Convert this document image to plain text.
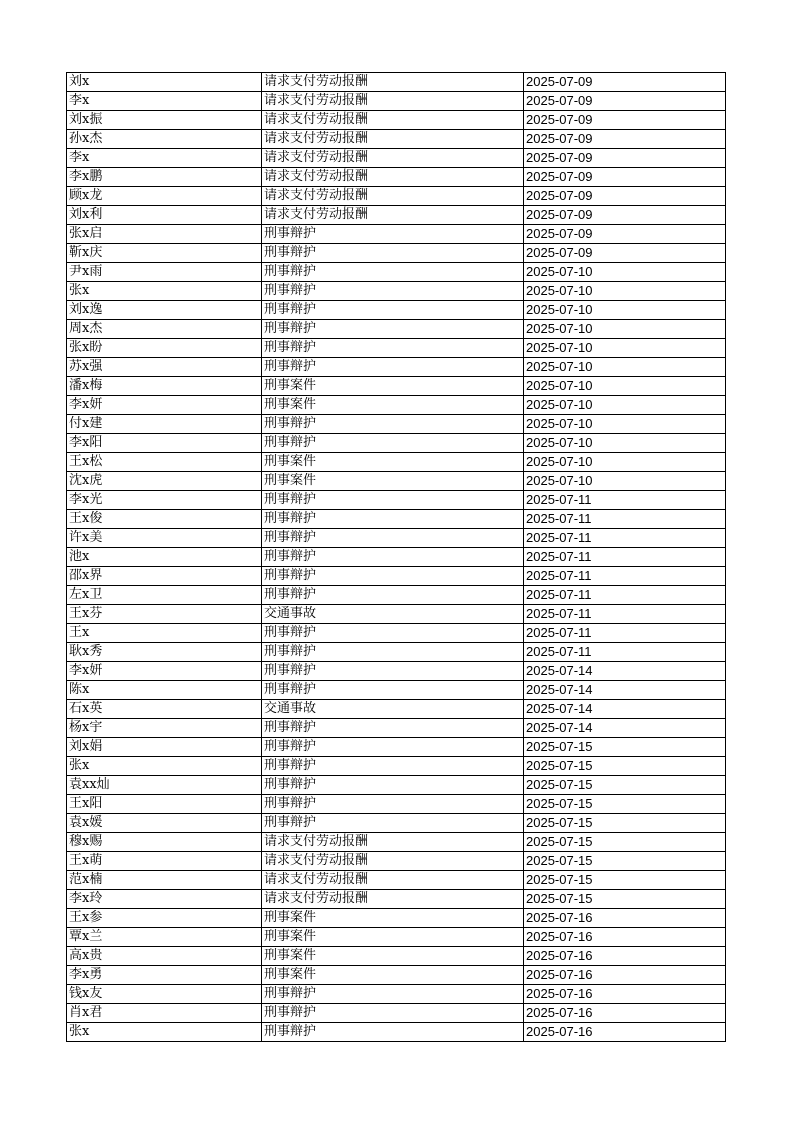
刘x	请求支付劳动报酬	2025-07-09
李x	请求支付劳动报酬	2025-07-09
刘x振	请求支付劳动报酬	2025-07-09
孙x杰	请求支付劳动报酬	2025-07-09
李x	请求支付劳动报酬	2025-07-09
李x鹏	请求支付劳动报酬	2025-07-09
顾x龙	请求支付劳动报酬	2025-07-09
刘x利	请求支付劳动报酬	2025-07-09
张x启	刑事辩护	2025-07-09
靳x庆	刑事辩护	2025-07-09
尹x雨	刑事辩护	2025-07-10
张x	刑事辩护	2025-07-10
刘x逸	刑事辩护	2025-07-10
周x杰	刑事辩护	2025-07-10
张x盼	刑事辩护	2025-07-10
苏x强	刑事辩护	2025-07-10
潘x梅	刑事案件	2025-07-10
李x妍	刑事案件	2025-07-10
付x建	刑事辩护	2025-07-10
李x阳	刑事辩护	2025-07-10
王x松	刑事案件	2025-07-10
沈x虎	刑事案件	2025-07-10
李x光	刑事辩护	2025-07-11
王x俊	刑事辩护	2025-07-11
许x美	刑事辩护	2025-07-11
池x	刑事辩护	2025-07-11
邵x界	刑事辩护	2025-07-11
左x卫	刑事辩护	2025-07-11
王x芬	交通事故	2025-07-11
王x	刑事辩护	2025-07-11
耿x秀	刑事辩护	2025-07-11
李x妍	刑事辩护	2025-07-14
陈x	刑事辩护	2025-07-14
石x英	交通事故	2025-07-14
杨x宇	刑事辩护	2025-07-14
刘x娟	刑事辩护	2025-07-15
张x	刑事辩护	2025-07-15
袁xx灿	刑事辩护	2025-07-15
王x阳	刑事辩护	2025-07-15
袁x媛	刑事辩护	2025-07-15
穆x赐	请求支付劳动报酬	2025-07-15
王x萌	请求支付劳动报酬	2025-07-15
范x楠	请求支付劳动报酬	2025-07-15
李x玲	请求支付劳动报酬	2025-07-15
王x参	刑事案件	2025-07-16
覃x兰	刑事案件	2025-07-16
高x贵	刑事案件	2025-07-16
李x勇	刑事案件	2025-07-16
钱x友	刑事辩护	2025-07-16
肖x君	刑事辩护	2025-07-16
张x	刑事辩护	2025-07-16
